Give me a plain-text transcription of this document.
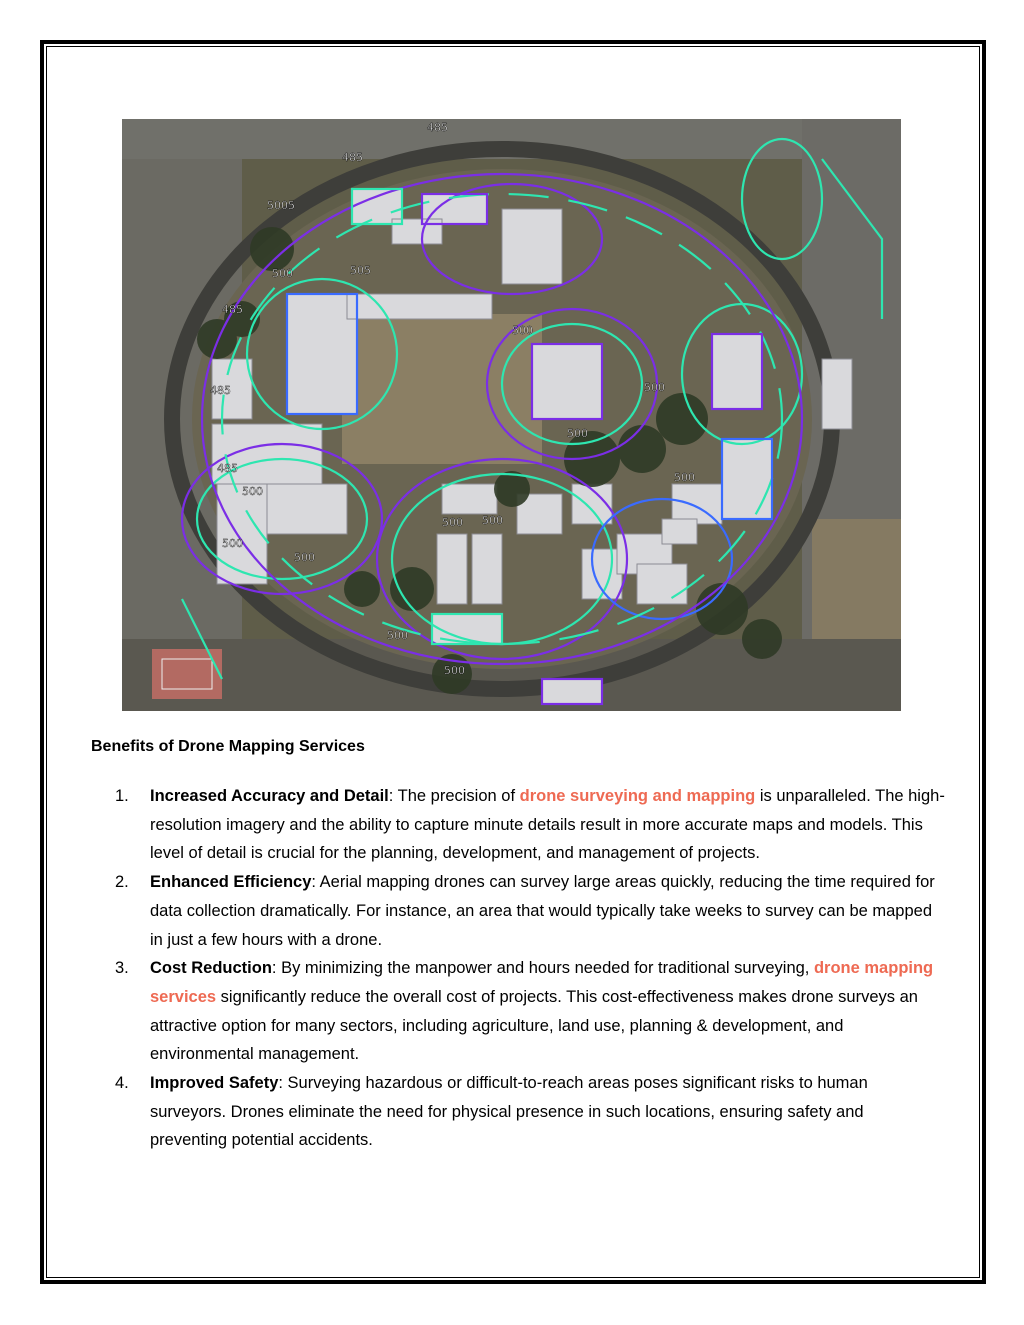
485
485
485
485
485
500
500
500
500 500
500
500
500
500
500
500
500
505
5005
Benefits of Drone Mapping Services
1. Increased Accuracy and Detail: The precision of drone surveying and mapping is unparalleled. The high-resolution imagery and the ability to capture minute details result in more accurate maps and models. This level of detail is crucial for the planning, development, and management of projects.
2. Enhanced Efficiency: Aerial mapping drones can survey large areas quickly, reducing the time required for data collection dramatically. For instance, an area that would typically take weeks to survey can be mapped in just a few hours with a drone.
3. Cost Reduction: By minimizing the manpower and hours needed for traditional surveying, drone mapping services significantly reduce the overall cost of projects. This cost-effectiveness makes drone surveys an attractive option for many sectors, including agriculture, land use, planning & development, and environmental management.
4. Improved Safety: Surveying hazardous or difficult-to-reach areas poses significant risks to human surveyors. Drones eliminate the need for physical presence in such locations, ensuring safety and preventing potential accidents.
